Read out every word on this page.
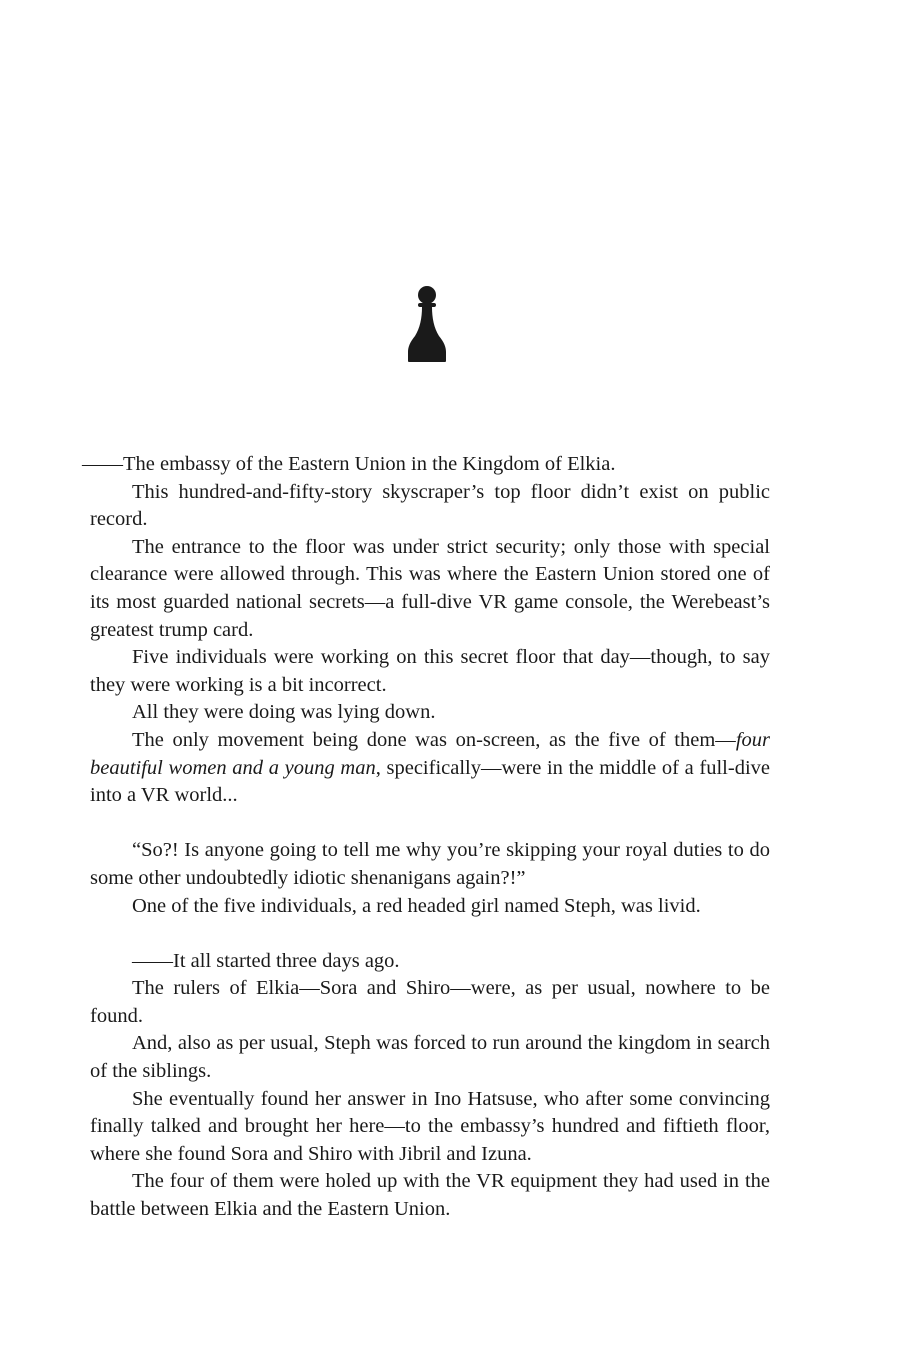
——The embassy of the Eastern Union in the Kingdom of Elkia.

This hundred-and-fifty-story skyscraper’s top floor didn’t exist on public record.

The entrance to the floor was under strict security; only those with special clearance were allowed through. This was where the Eastern Union stored one of its most guarded national secrets—a full-dive VR game console, the Werebeast’s greatest trump card.

Five individuals were working on this secret floor that day—though, to say they were working is a bit incorrect.

All they were doing was lying down.

The only movement being done was on-screen, as the five of them—four beautiful women and a young man, specifically—were in the middle of a full-dive into a VR world...

“So?! Is anyone going to tell me why you’re skipping your royal duties to do some other undoubtedly idiotic shenanigans again?!”

One of the five individuals, a red headed girl named Steph, was livid.

——It all started three days ago.

The rulers of Elkia—Sora and Shiro—were, as per usual, nowhere to be found.

And, also as per usual, Steph was forced to run around the kingdom in search of the siblings.

She eventually found her answer in Ino Hatsuse, who after some convincing finally talked and brought her here—to the embassy’s hundred and fiftieth floor, where she found Sora and Shiro with Jibril and Izuna.

The four of them were holed up with the VR equipment they had used in the battle between Elkia and the Eastern Union.
